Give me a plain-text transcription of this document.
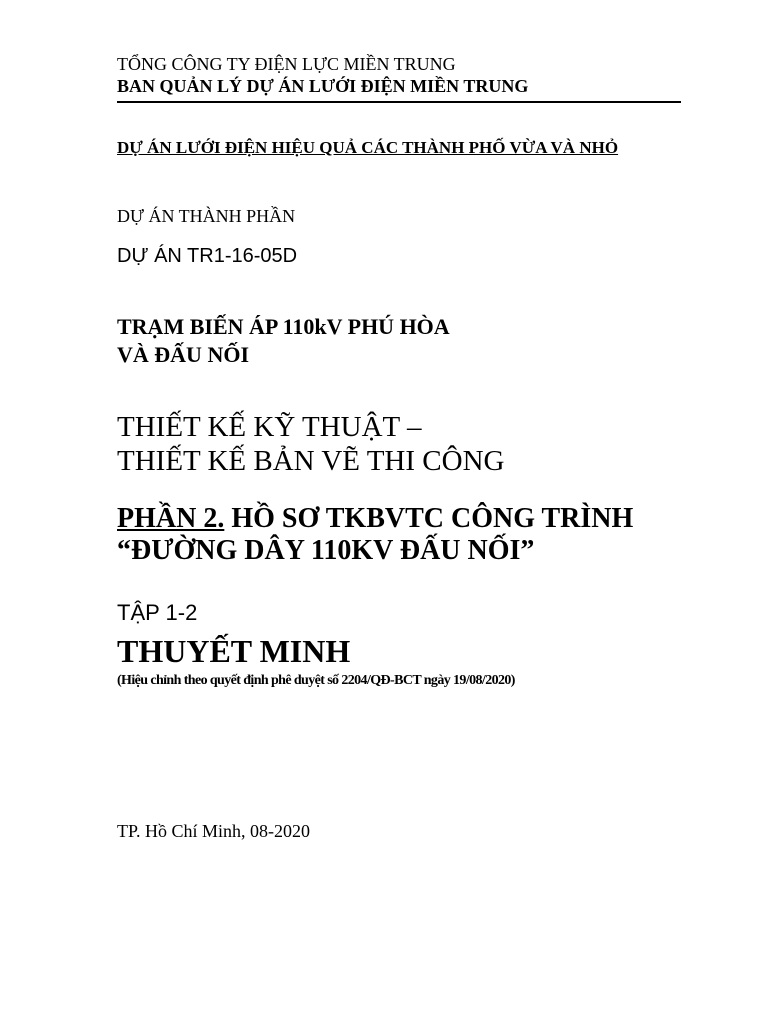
TỔNG CÔNG TY ĐIỆN LỰC MIỀN TRUNG
BAN QUẢN LÝ DỰ ÁN LƯỚI ĐIỆN MIỀN TRUNG
DỰ ÁN LƯỚI ĐIỆN HIỆU QUẢ CÁC THÀNH PHỐ VỪA VÀ NHỎ
DỰ ÁN THÀNH PHẦN
DỰ ÁN TR1-16-05D
TRẠM BIẾN ÁP 110kV PHÚ HÒA
VÀ ĐẤU NỐI
THIẾT KẾ KỸ THUẬT –
THIẾT KẾ BẢN VẼ THI CÔNG
PHẦN 2. HỒ SƠ TKBVTC CÔNG TRÌNH
“ĐƯỜNG DÂY 110KV ĐẤU NỐI”
TẬP 1-2
THUYẾT MINH
(Hiệu chỉnh theo quyết định phê duyệt số 2204/QĐ-BCT ngày 19/08/2020)
TP. Hồ Chí Minh, 08-2020
